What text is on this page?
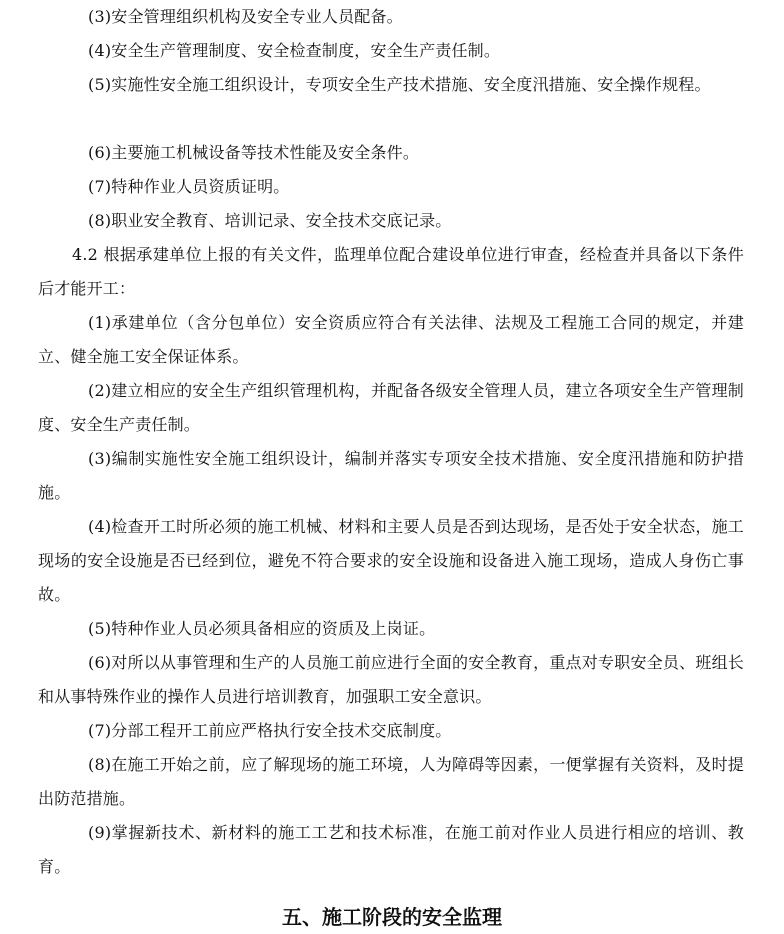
(3)安全管理组织机构及安全专业人员配备。

(4)安全生产管理制度、安全检查制度，安全生产责任制。

(5)实施性安全施工组织设计，专项安全生产技术措施、安全度汛措施、安全操作规程。

(6)主要施工机械设备等技术性能及安全条件。

(7)特种作业人员资质证明。

(8)职业安全教育、培训记录、安全技术交底记录。

4.2 根据承建单位上报的有关文件，监理单位配合建设单位进行审查，经检查并具备以下条件后才能开工：

(1)承建单位（含分包单位）安全资质应符合有关法律、法规及工程施工合同的规定，并建立、健全施工安全保证体系。

(2)建立相应的安全生产组织管理机构，并配备各级安全管理人员，建立各项安全生产管理制度、安全生产责任制。

(3)编制实施性安全施工组织设计，编制并落实专项安全技术措施、安全度汛措施和防护措施。

(4)检查开工时所必须的施工机械、材料和主要人员是否到达现场，是否处于安全状态，施工现场的安全设施是否已经到位，避免不符合要求的安全设施和设备进入施工现场，造成人身伤亡事故。

(5)特种作业人员必须具备相应的资质及上岗证。

(6)对所以从事管理和生产的人员施工前应进行全面的安全教育，重点对专职安全员、班组长和从事特殊作业的操作人员进行培训教育，加强职工安全意识。

(7)分部工程开工前应严格执行安全技术交底制度。

(8)在施工开始之前，应了解现场的施工环境，人为障碍等因素，一便掌握有关资料，及时提出防范措施。

(9)掌握新技术、新材料的施工工艺和技术标准，在施工前对作业人员进行相应的培训、教育。

五、施工阶段的安全监理
